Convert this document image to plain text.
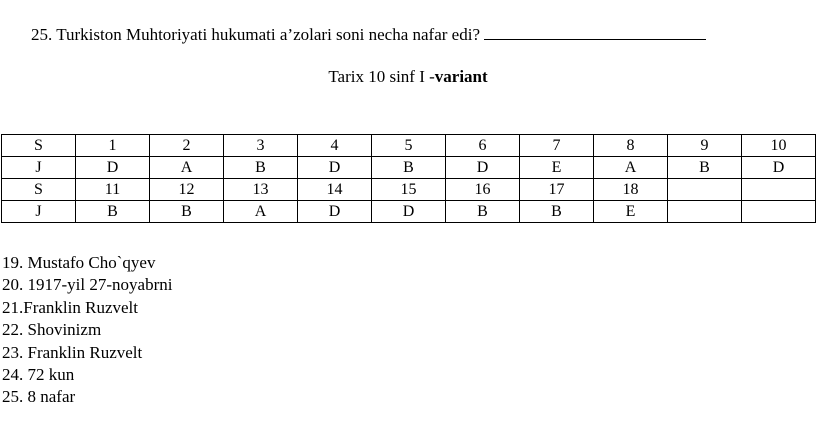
25. Turkiston Muhtoriyati hukumati a’zolari soni necha nafar edi?
Tarix 10 sinf I -variant
S	1	2	3	4	5	6	7	8	9	10
J	D	A	B	D	B	D	E	A	B	D
S	11	12	13	14	15	16	17	18		
J	B	B	A	D	D	B	B	E		
19. Mustafo Cho`qyev
20. 1917-yil 27-noyabrni
21.Franklin Ruzvelt
22. Shovinizm
23. Franklin Ruzvelt
24. 72 kun
25. 8 nafar
